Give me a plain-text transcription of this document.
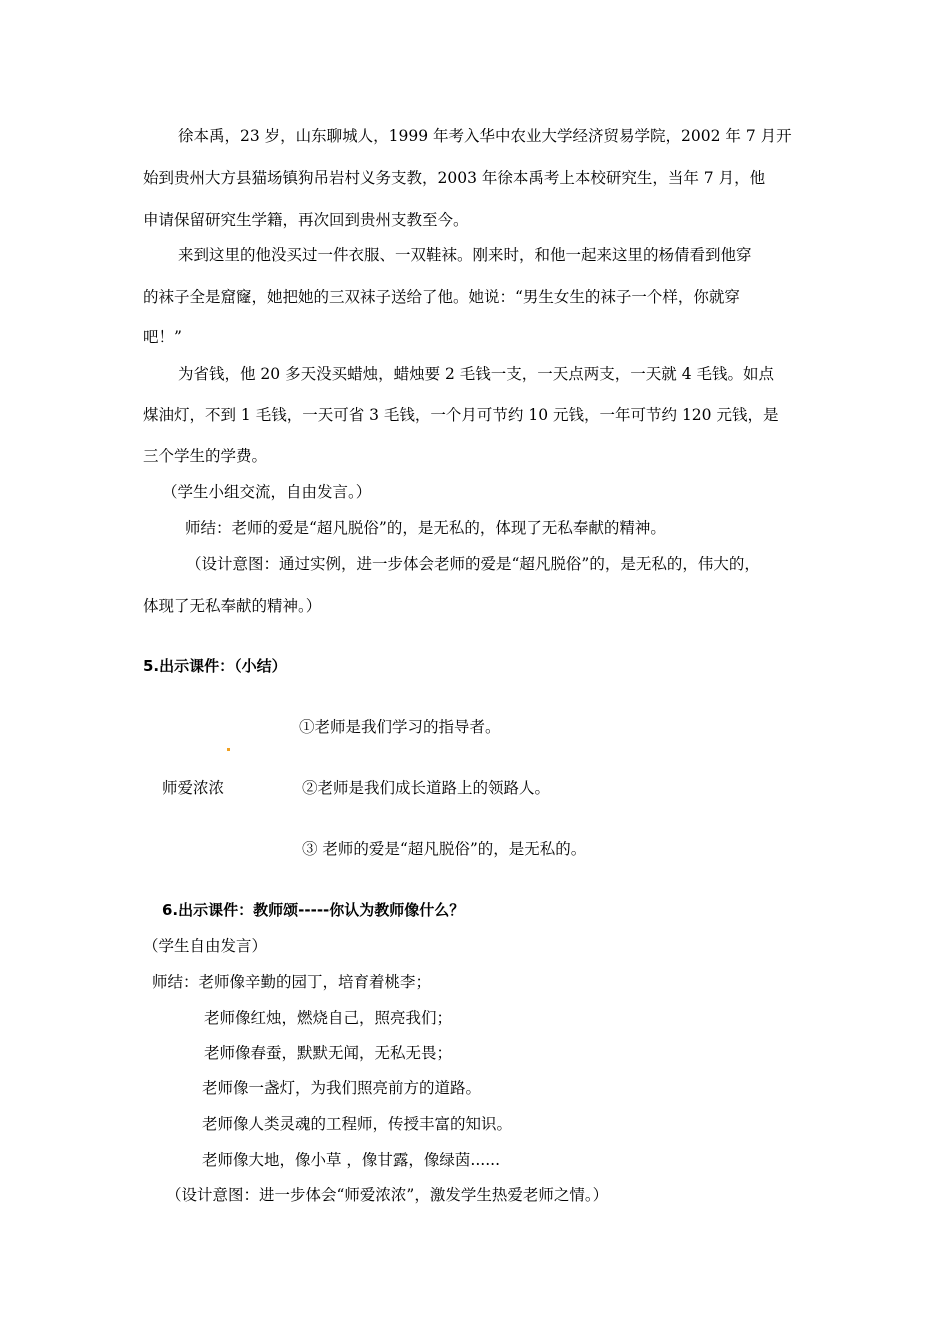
徐本禹，23 岁，山东聊城人，1999 年考入华中农业大学经济贸易学院，2002 年 7 月开
始到贵州大方县猫场镇狗吊岩村义务支教，2003 年徐本禹考上本校研究生，当年 7 月，他
申请保留研究生学籍，再次回到贵州支教至今。
来到这里的他没买过一件衣服、一双鞋袜。刚来时，和他一起来这里的杨倩看到他穿
的袜子全是窟窿，她把她的三双袜子送给了他。她说：“男生女生的袜子一个样，你就穿
吧！”
为省钱，他 20 多天没买蜡烛，蜡烛要 2 毛钱一支，一天点两支，一天就 4 毛钱。如点
煤油灯，不到 1 毛钱，一天可省 3 毛钱，一个月可节约 10 元钱，一年可节约 120 元钱，是
三个学生的学费。
（学生小组交流，自由发言。）
师结：老师的爱是“超凡脱俗”的，是无私的，体现了无私奉献的精神。
（设计意图：通过实例，进一步体会老师的爱是“超凡脱俗”的，是无私的，伟大的，
体现了无私奉献的精神。）
5.出示课件：（小结）
①老师是我们学习的指导者。
师爱浓浓	②老师是我们成长道路上的领路人。
③ 老师的爱是“超凡脱俗”的，是无私的。
6.出示课件：教师颂-----你认为教师像什么？
（学生自由发言）
师结：老师像辛勤的园丁，培育着桃李；
老师像红烛，燃烧自己，照亮我们；
老师像春蚕，默默无闻，无私无畏；
老师像一盏灯，为我们照亮前方的道路。
老师像人类灵魂的工程师，传授丰富的知识。
老师像大地，像小草 ，像甘露，像绿茵......
（设计意图：进一步体会“师爱浓浓”，激发学生热爱老师之情。）
